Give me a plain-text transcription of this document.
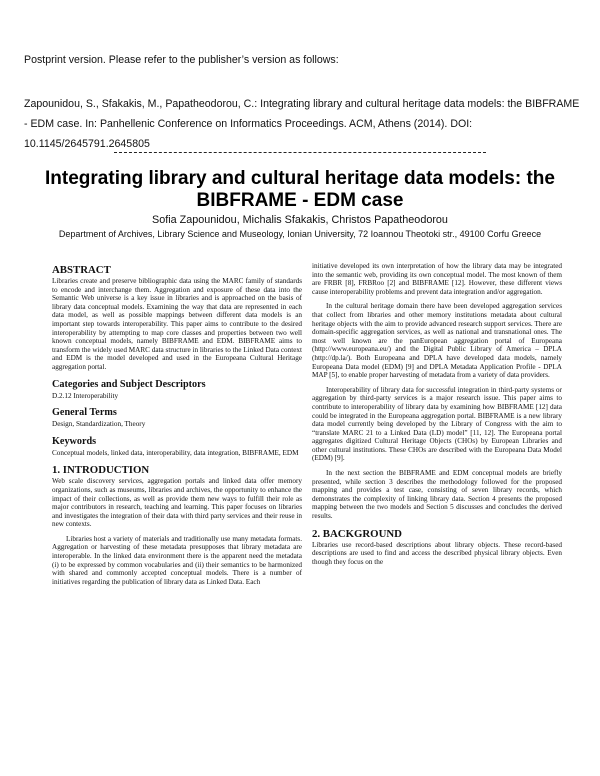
Postprint version. Please refer to the publisher’s version as follows:
Zapounidou, S., Sfakakis, M., Papatheodorou, C.: Integrating library and cultural heritage data models: the BIBFRAME - EDM case. In: Panhellenic Conference on Informatics Proceedings. ACM, Athens (2014). DOI: 10.1145/2645791.2645805
Integrating library and cultural heritage data models: the BIBFRAME - EDM case
Sofia Zapounidou, Michalis Sfakakis, Christos Papatheodorou
Department of Archives, Library Science and Museology, Ionian University, 72 Ioannou Theotoki str., 49100 Corfu Greece
ABSTRACT

Libraries create and preserve bibliographic data using the MARC family of standards to encode and interchange them. Aggregation and exposure of these data into the Semantic Web universe is a key issue in libraries and is approached on the basis of library data conceptual models. Examining the way that data are represented in each data model, as well as possible mappings between different data models is an important step towards interoperability. This paper aims to contribute to the desired interoperability by attempting to map core classes and properties between two well known conceptual models, namely BIBFRAME and EDM. BIBFRAME aims to transform the widely used MARC data structure in libraries to the Linked Data context and EDM is the model developed and used in the Europeana Cultural Heritage aggregation portal.

Categories and Subject Descriptors

D.2.12 Interoperability

General Terms

Design, Standardization, Theory

Keywords

Conceptual models, linked data, interoperability, data integration, BIBFRAME, EDM

1. INTRODUCTION

Web scale discovery services, aggregation portals and linked data offer memory organizations, such as museums, libraries and archives, the opportunity to enhance the impact of their collections, as well as provide them new ways to fulfill their role as major contributors in research, teaching and learning. This paper focuses on libraries and investigates the integration of their data with third party services and their reuse in new contexts.

Libraries host a variety of materials and traditionally use many metadata formats. Aggregation or harvesting of these metadata presupposes that library metadata are interoperable. In the linked data environment there is the apparent need the metadata (i) to be expressed by common vocabularies and (ii) their semantics to be harmonized with shared and commonly accepted conceptual models. There is a number of initiatives regarding the publication of library data as Linked Data. Each

initiative developed its own interpretation of how the library data may be integrated into the semantic web, providing its own conceptual model. The most known of them are FRBR [8], FRBRoo [2] and BIBFRAME [12]. However, these different views cause interoperability problems and prevent data integration and/or aggregation.

In the cultural heritage domain there have been developed aggregation services that collect from libraries and other memory institutions metadata about cultural heritage objects with the aim to provide advanced research support services. There are domain-specific aggregation services, as well as national and transnational ones. The most well known are the panEuropean aggregation portal of Europeana (http://www.europeana.eu/) and the Digital Public Library of America – DPLA (http://dp.la/). Both Europeana and DPLA have developed data models, namely Europeana Data model (EDM) [9] and DPLA Metadata Application Profile - DPLA MAP [5], to enable proper harvesting of metadata from a variety of data providers.

Interoperability of library data for successful integration in third-party systems or aggregation by third-party services is a major research issue. This paper aims to contribute to interoperability of library data by examining how BIBFRAME [12] data could be integrated in the Europeana aggregation portal. BIBFRAME is a new library data model currently being developed by the Library of Congress with the aim to “translate MARC 21 to a Linked Data (LD) model” [11, 12]. The Europeana portal aggregates digitized Cultural Heritage Objects (CHOs) by European Libraries and other cultural institutions. These CHOs are described with the Europeana Data Model (EDM) [9].

In the next section the BIBFRAME and EDM conceptual models are briefly presented, while section 3 describes the methodology followed for the proposed mapping and provides a test case, consisting of seven library records, which demonstrates the complexity of linking library data. Section 4 presents the proposed mapping between the two models and Section 5 discusses and concludes the derived results.

2. BACKGROUND

Libraries use record-based descriptions about library objects. These record-based descriptions are used to find and access the described physical library objects. Even though they focus on the
